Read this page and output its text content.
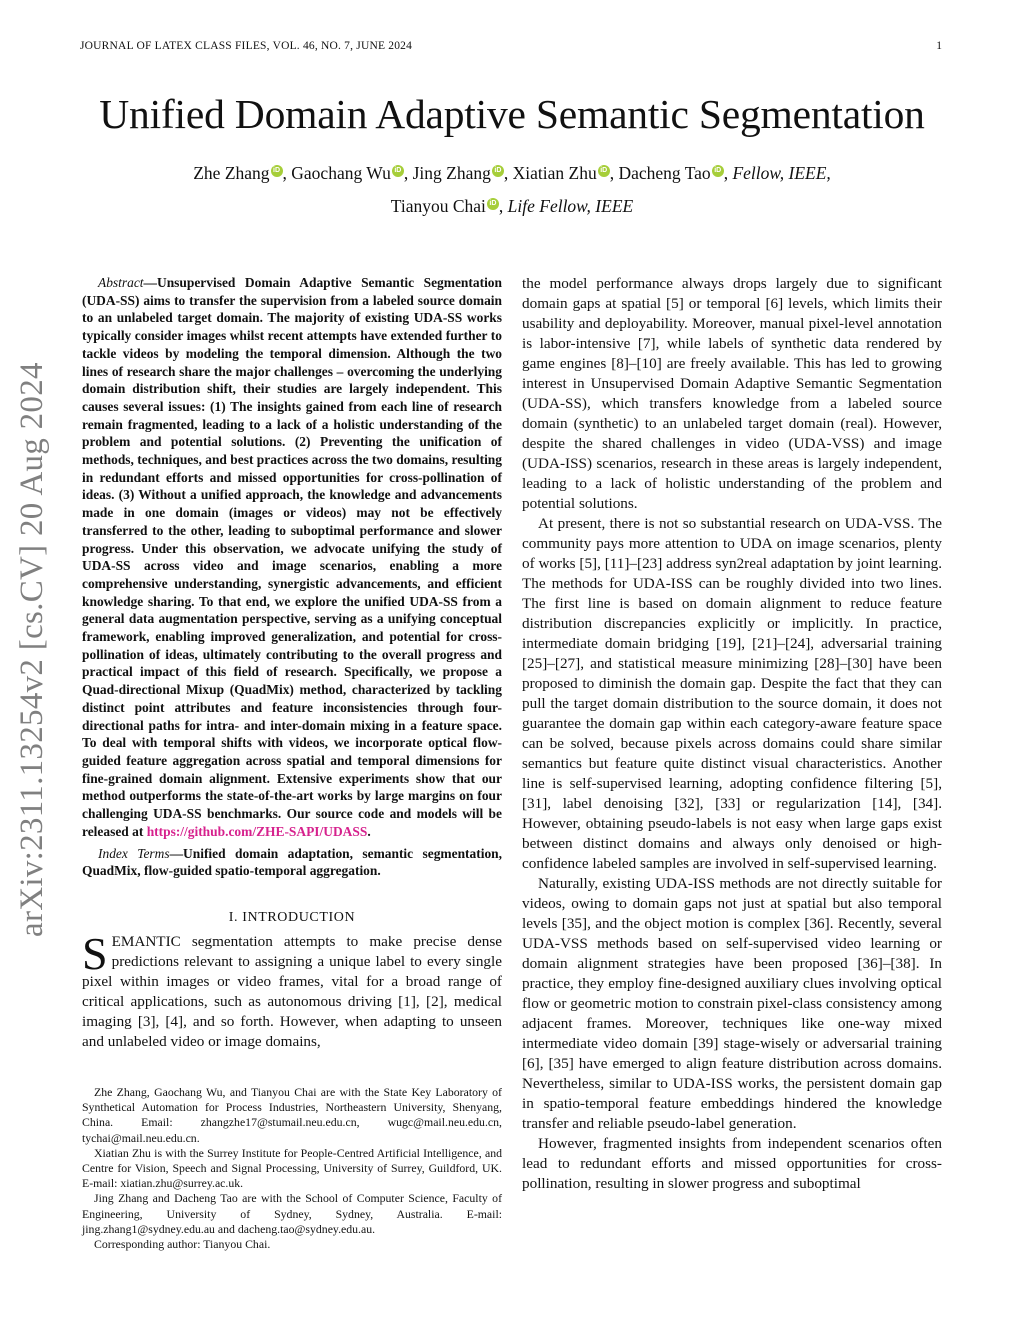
JOURNAL OF LATEX CLASS FILES, VOL. 46, NO. 7, JUNE 2024	1
arXiv:2311.13254v2 [cs.CV] 20 Aug 2024
Unified Domain Adaptive Semantic Segmentation
Zhe Zhang iD , Gaochang Wu iD , Jing Zhang iD , Xiatian Zhu iD , Dacheng Tao iD , Fellow, IEEE,
Tianyou Chai iD , Life Fellow, IEEE
Abstract—Unsupervised Domain Adaptive Semantic Segmentation (UDA-SS) aims to transfer the supervision from a labeled source domain to an unlabeled target domain. The majority of existing UDA-SS works typically consider images whilst recent attempts have extended further to tackle videos by modeling the temporal dimension. Although the two lines of research share the major challenges – overcoming the underlying domain distribution shift, their studies are largely independent. This causes several issues: (1) The insights gained from each line of research remain fragmented, leading to a lack of a holistic understanding of the problem and potential solutions. (2) Preventing the unification of methods, techniques, and best practices across the two domains, resulting in redundant efforts and missed opportunities for cross-pollination of ideas. (3) Without a unified approach, the knowledge and advancements made in one domain (images or videos) may not be effectively transferred to the other, leading to suboptimal performance and slower progress. Under this observation, we advocate unifying the study of UDA-SS across video and image scenarios, enabling a more comprehensive understanding, synergistic advancements, and efficient knowledge sharing. To that end, we explore the unified UDA-SS from a general data augmentation perspective, serving as a unifying conceptual framework, enabling improved generalization, and potential for cross-pollination of ideas, ultimately contributing to the overall progress and practical impact of this field of research. Specifically, we propose a Quad-directional Mixup (QuadMix) method, characterized by tackling distinct point attributes and feature inconsistencies through four-directional paths for intra- and inter-domain mixing in a feature space. To deal with temporal shifts with videos, we incorporate optical flow-guided feature aggregation across spatial and temporal dimensions for fine-grained domain alignment. Extensive experiments show that our method outperforms the state-of-the-art works by large margins on four challenging UDA-SS benchmarks. Our source code and models will be released at https://github.com/ZHE-SAPI/UDASS.
Index Terms—Unified domain adaptation, semantic segmentation, QuadMix, flow-guided spatio-temporal aggregation.
I. INTRODUCTION

SEMANTIC segmentation attempts to make precise dense predictions relevant to assigning a unique label to every single pixel within images or video frames, vital for a broad range of critical applications, such as autonomous driving [1], [2], medical imaging [3], [4], and so forth. However, when adapting to unseen and unlabeled video or image domains,

Zhe Zhang, Gaochang Wu, and Tianyou Chai are with the State Key Laboratory of Synthetical Automation for Process Industries, Northeastern University, Shenyang, China. Email: zhangzhe17@stumail.neu.edu.cn, wugc@mail.neu.edu.cn, tychai@mail.neu.edu.cn.

Xiatian Zhu is with the Surrey Institute for People-Centred Artificial Intelligence, and Centre for Vision, Speech and Signal Processing, University of Surrey, Guildford, UK. E-mail: xiatian.zhu@surrey.ac.uk.

Jing Zhang and Dacheng Tao are with the School of Computer Science, Faculty of Engineering, University of Sydney, Sydney, Australia. E-mail: jing.zhang1@sydney.edu.au and dacheng.tao@sydney.edu.au.

Corresponding author: Tianyou Chai.

the model performance always drops largely due to significant domain gaps at spatial [5] or temporal [6] levels, which limits their usability and deployability. Moreover, manual pixel-level annotation is labor-intensive [7], while labels of synthetic data rendered by game engines [8]–[10] are freely available. This has led to growing interest in Unsupervised Domain Adaptive Semantic Segmentation (UDA-SS), which transfers knowledge from a labeled source domain (synthetic) to an unlabeled target domain (real). However, despite the shared challenges in video (UDA-VSS) and image (UDA-ISS) scenarios, research in these areas is largely independent, leading to a lack of holistic understanding of the problem and potential solutions.

At present, there is not so substantial research on UDA-VSS. The community pays more attention to UDA on image scenarios, plenty of works [5], [11]–[23] address syn2real adaptation by joint learning. The methods for UDA-ISS can be roughly divided into two lines. The first line is based on domain alignment to reduce feature distribution discrepancies explicitly or implicitly. In practice, intermediate domain bridging [19], [21]–[24], adversarial training [25]–[27], and statistical measure minimizing [28]–[30] have been proposed to diminish the domain gap. Despite the fact that they can pull the target domain distribution to the source domain, it does not guarantee the domain gap within each category-aware feature space can be solved, because pixels across domains could share similar semantics but feature quite distinct visual characteristics. Another line is self-supervised learning, adopting confidence filtering [5], [31], label denoising [32], [33] or regularization [14], [34]. However, obtaining pseudo-labels is not easy when large gaps exist between distinct domains and always only denoised or high-confidence labeled samples are involved in self-supervised learning.

Naturally, existing UDA-ISS methods are not directly suitable for videos, owing to domain gaps not just at spatial but also temporal levels [35], and the object motion is complex [36]. Recently, several UDA-VSS methods based on self-supervised video learning or domain alignment strategies have been proposed [36]–[38]. In practice, they employ fine-designed auxiliary clues involving optical flow or geometric motion to constrain pixel-class consistency among adjacent frames. Moreover, techniques like one-way mixed intermediate video domain [39] stage-wisely or adversarial training [6], [35] have emerged to align feature distribution across domains. Nevertheless, similar to UDA-ISS works, the persistent domain gap in spatio-temporal feature embeddings hindered the knowledge transfer and reliable pseudo-label generation.

However, fragmented insights from independent scenarios often lead to redundant efforts and missed opportunities for cross-pollination, resulting in slower progress and suboptimal
